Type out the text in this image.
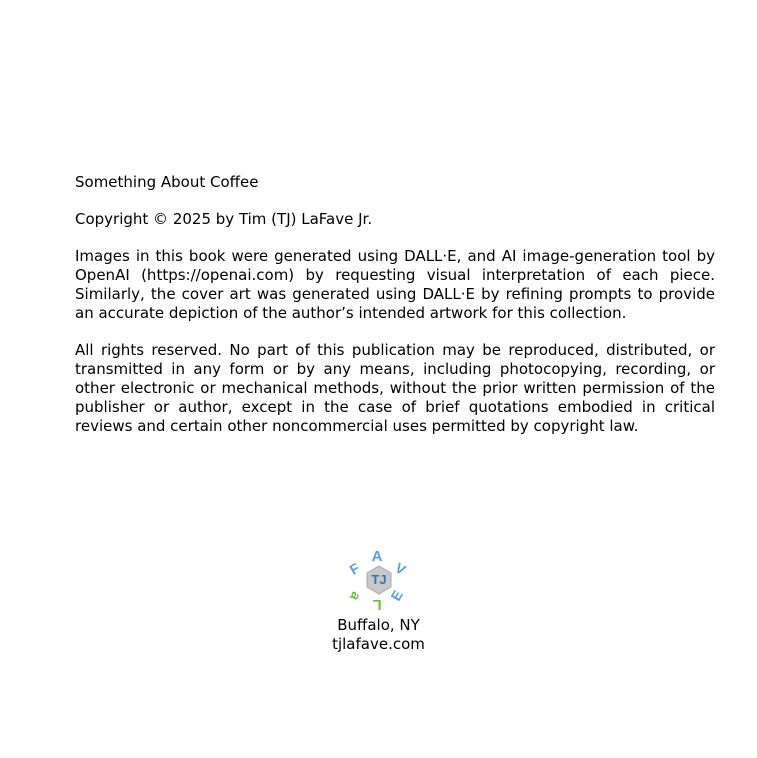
Something About Coffee

Copyright © 2025 by Tim (TJ) LaFave Jr.

Images in this book were generated using DALL·E, and AI image-generation tool by OpenAI (https://openai.com) by requesting visual interpretation of each piece. Similarly, the cover art was generated using DALL·E by refining prompts to provide an accurate depiction of the author’s intended artwork for this collection.

All rights reserved. No part of this publication may be reproduced, distributed, or transmitted in any form or by any means, including photocopying, recording, or other electronic or mechanical methods, without the prior written permission of the publisher or author, except in the case of brief quotations embodied in critical reviews and certain other noncommercial uses permitted by copyright law.

TJ
F
A
V
E
L
a

Buffalo, NY

tjlafave.com
